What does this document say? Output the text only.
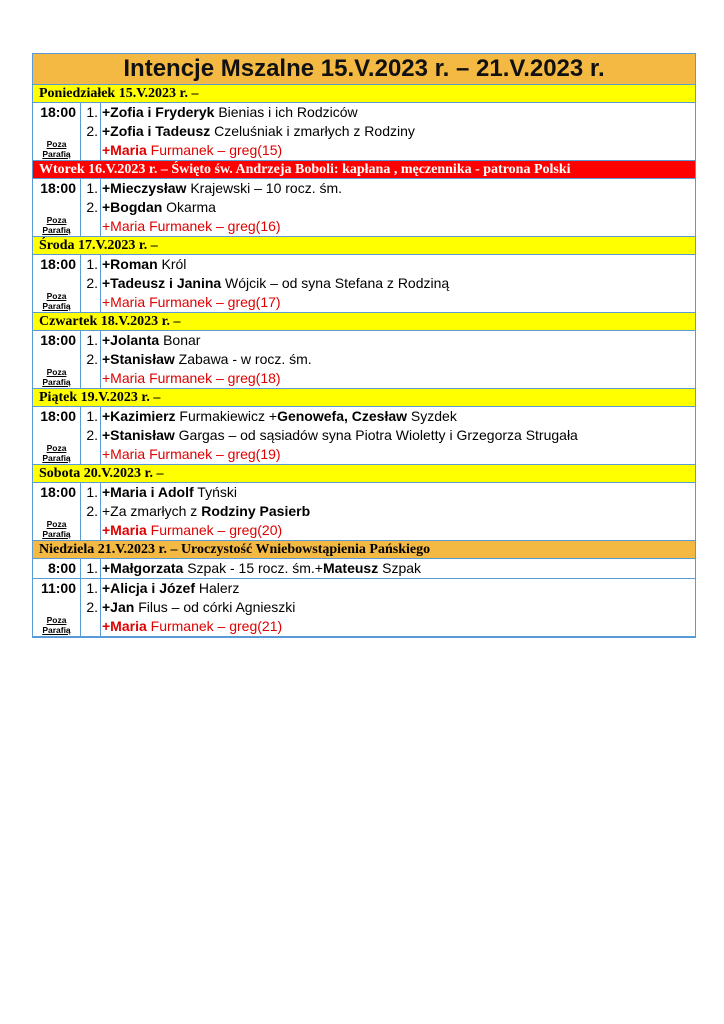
Intencje Mszalne 15.V.2023 r. – 21.V.2023 r.
Poniedziałek 15.V.2023 r. –
18:00
Poza
Parafią
1.
2.
+Zofia i Fryderyk Bienias i ich Rodziców
+Zofia i Tadeusz Czeluśniak i zmarłych z Rodziny
+Maria Furmanek – greg(15)
Wtorek 16.V.2023 r. – Święto św. Andrzeja Boboli: kapłana , męczennika - patrona Polski
18:00
Poza
Parafią
1.
2.
+Mieczysław Krajewski – 10 rocz. śm.
+Bogdan Okarma
+Maria Furmanek – greg(16)
Środa 17.V.2023 r. –
18:00
Poza
Parafią
1.
2.
+Roman Król
+Tadeusz i Janina Wójcik – od syna Stefana z Rodziną
+Maria Furmanek – greg(17)
Czwartek 18.V.2023 r. –
18:00
Poza
Parafią
1.
2.
+Jolanta Bonar
+Stanisław Zabawa - w rocz. śm.
+Maria Furmanek – greg(18)
Piątek 19.V.2023 r. –
18:00
Poza
Parafią
1.
2.
+Kazimierz Furmakiewicz +Genowefa, Czesław Syzdek
+Stanisław Gargas – od sąsiadów syna Piotra Wioletty i Grzegorza Strugała
+Maria Furmanek – greg(19)
Sobota 20.V.2023 r. –
18:00
Poza
Parafią
1.
2.
+Maria i Adolf Tyński
+Za zmarłych z Rodziny Pasierb
+Maria Furmanek – greg(20)
Niedziela 21.V.2023 r. – Uroczystość Wniebowstąpienia Pańskiego
8:00 1. +Małgorzata Szpak - 15 rocz. śm.+Mateusz Szpak
11:00
Poza
Parafią
1.
2.
+Alicja i Józef Halerz
+Jan Filus – od córki Agnieszki
+Maria Furmanek – greg(21)
